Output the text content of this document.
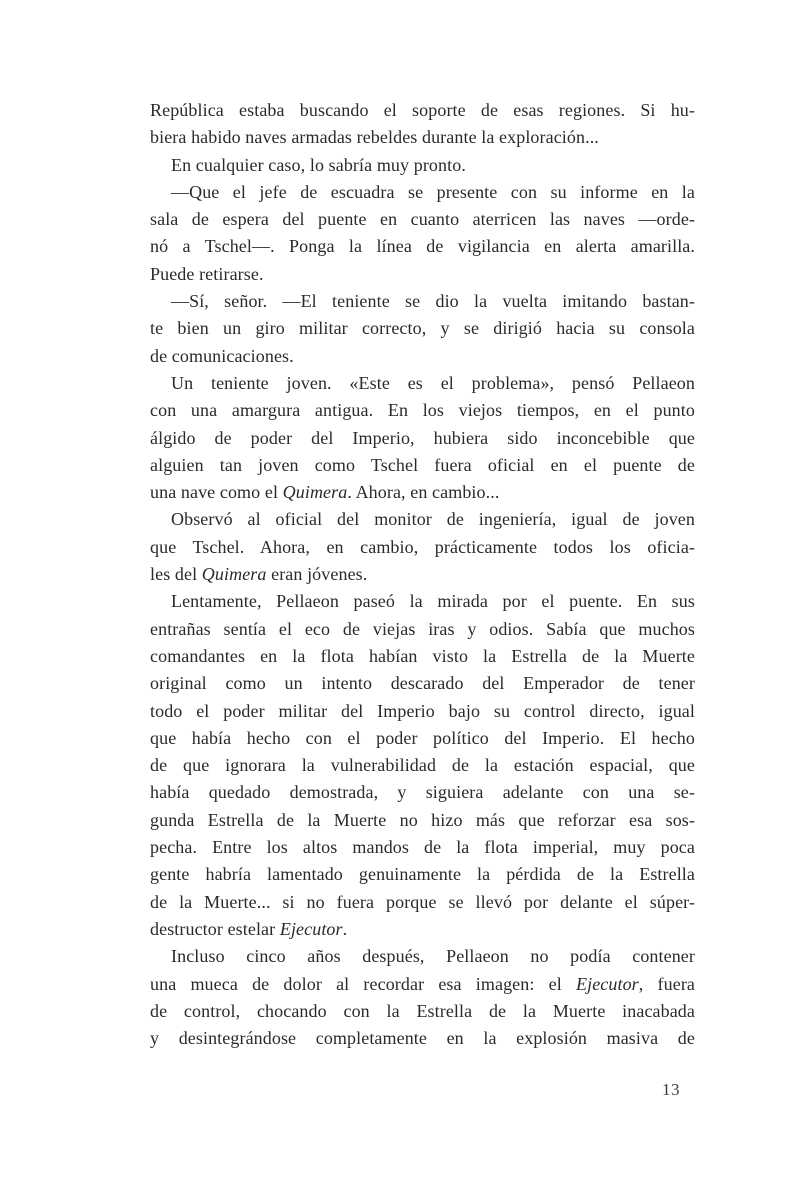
República estaba buscando el soporte de esas regiones. Si hu-
biera habido naves armadas rebeldes durante la exploración...
En cualquier caso, lo sabría muy pronto.
—Que el jefe de escuadra se presente con su informe en la
sala de espera del puente en cuanto aterricen las naves —orde-
nó a Tschel—. Ponga la línea de vigilancia en alerta amarilla.
Puede retirarse.
—Sí, señor. —El teniente se dio la vuelta imitando bastan-
te bien un giro militar correcto, y se dirigió hacia su consola
de comunicaciones.
Un teniente joven. «Este es el problema», pensó Pellaeon
con una amargura antigua. En los viejos tiempos, en el punto
álgido de poder del Imperio, hubiera sido inconcebible que
alguien tan joven como Tschel fuera oficial en el puente de
una nave como el Quimera. Ahora, en cambio...
Observó al oficial del monitor de ingeniería, igual de joven
que Tschel. Ahora, en cambio, prácticamente todos los oficia-
les del Quimera eran jóvenes.
Lentamente, Pellaeon paseó la mirada por el puente. En sus
entrañas sentía el eco de viejas iras y odios. Sabía que muchos
comandantes en la flota habían visto la Estrella de la Muerte
original como un intento descarado del Emperador de tener
todo el poder militar del Imperio bajo su control directo, igual
que había hecho con el poder político del Imperio. El hecho
de que ignorara la vulnerabilidad de la estación espacial, que
había quedado demostrada, y siguiera adelante con una se-
gunda Estrella de la Muerte no hizo más que reforzar esa sos-
pecha. Entre los altos mandos de la flota imperial, muy poca
gente habría lamentado genuinamente la pérdida de la Estrella
de la Muerte... si no fuera porque se llevó por delante el súper-
destructor estelar Ejecutor.
Incluso cinco años después, Pellaeon no podía contener
una mueca de dolor al recordar esa imagen: el Ejecutor, fuera
de control, chocando con la Estrella de la Muerte inacabada
y desintegrándose completamente en la explosión masiva de
13
